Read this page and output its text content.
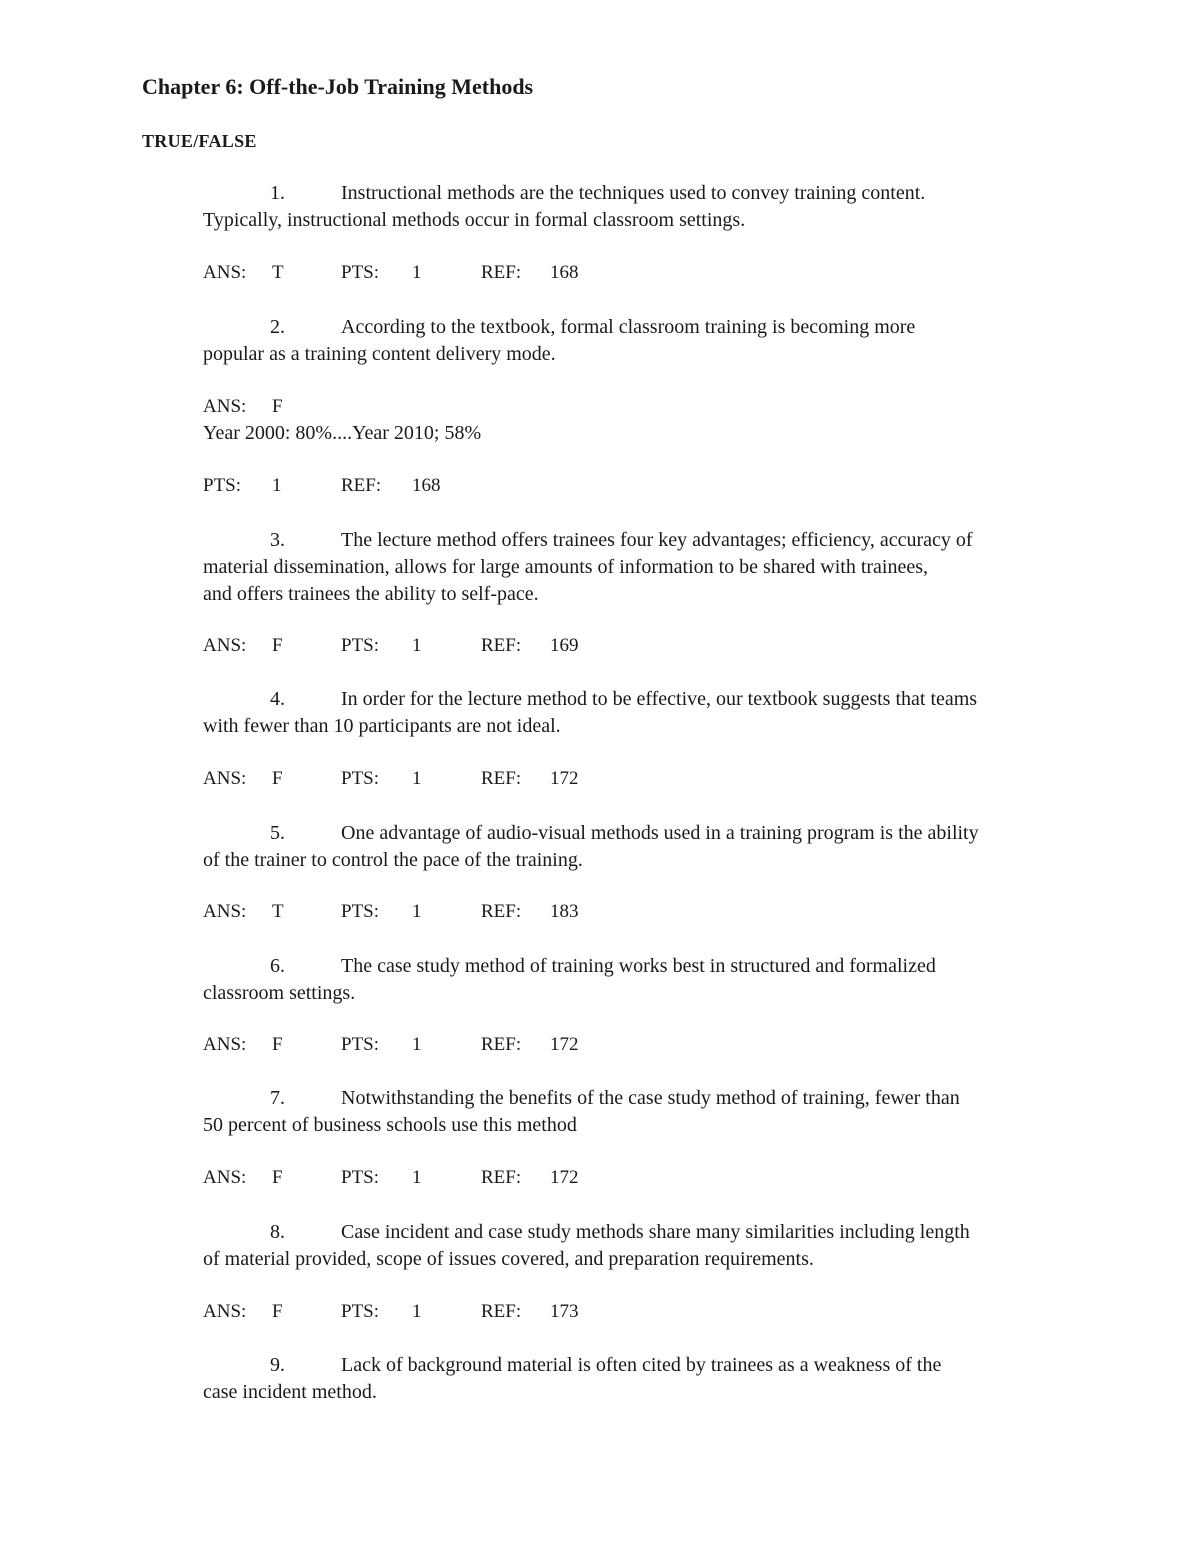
Chapter 6: Off-the-Job Training Methods
TRUE/FALSE
1.	Instructional methods are the techniques used to convey training content.
Typically, instructional methods occur in formal classroom settings.
ANS: T	PTS: 1	REF: 168
2.	According to the textbook, formal classroom training is becoming more
popular as a training content delivery mode.
ANS: F
Year 2000: 80%....Year 2010; 58%
PTS: 1	REF: 168
3.	The lecture method offers trainees four key advantages; efficiency, accuracy of
material dissemination, allows for large amounts of information to be shared with trainees,
and offers trainees the ability to self-pace.
ANS: F	PTS: 1	REF: 169
4.	In order for the lecture method to be effective, our textbook suggests that teams
with fewer than 10 participants are not ideal.
ANS: F	PTS: 1	REF: 172
5.	One advantage of audio-visual methods used in a training program is the ability
of the trainer to control the pace of the training.
ANS: T	PTS: 1	REF: 183
6.	The case study method of training works best in structured and formalized
classroom settings.
ANS: F	PTS: 1	REF: 172
7.	Notwithstanding the benefits of the case study method of training, fewer than
50 percent of business schools use this method
ANS: F	PTS: 1	REF: 172
8.	Case incident and case study methods share many similarities including length
of material provided, scope of issues covered, and preparation requirements.
ANS: F	PTS: 1	REF: 173
9.	Lack of background material is often cited by trainees as a weakness of the
case incident method.
